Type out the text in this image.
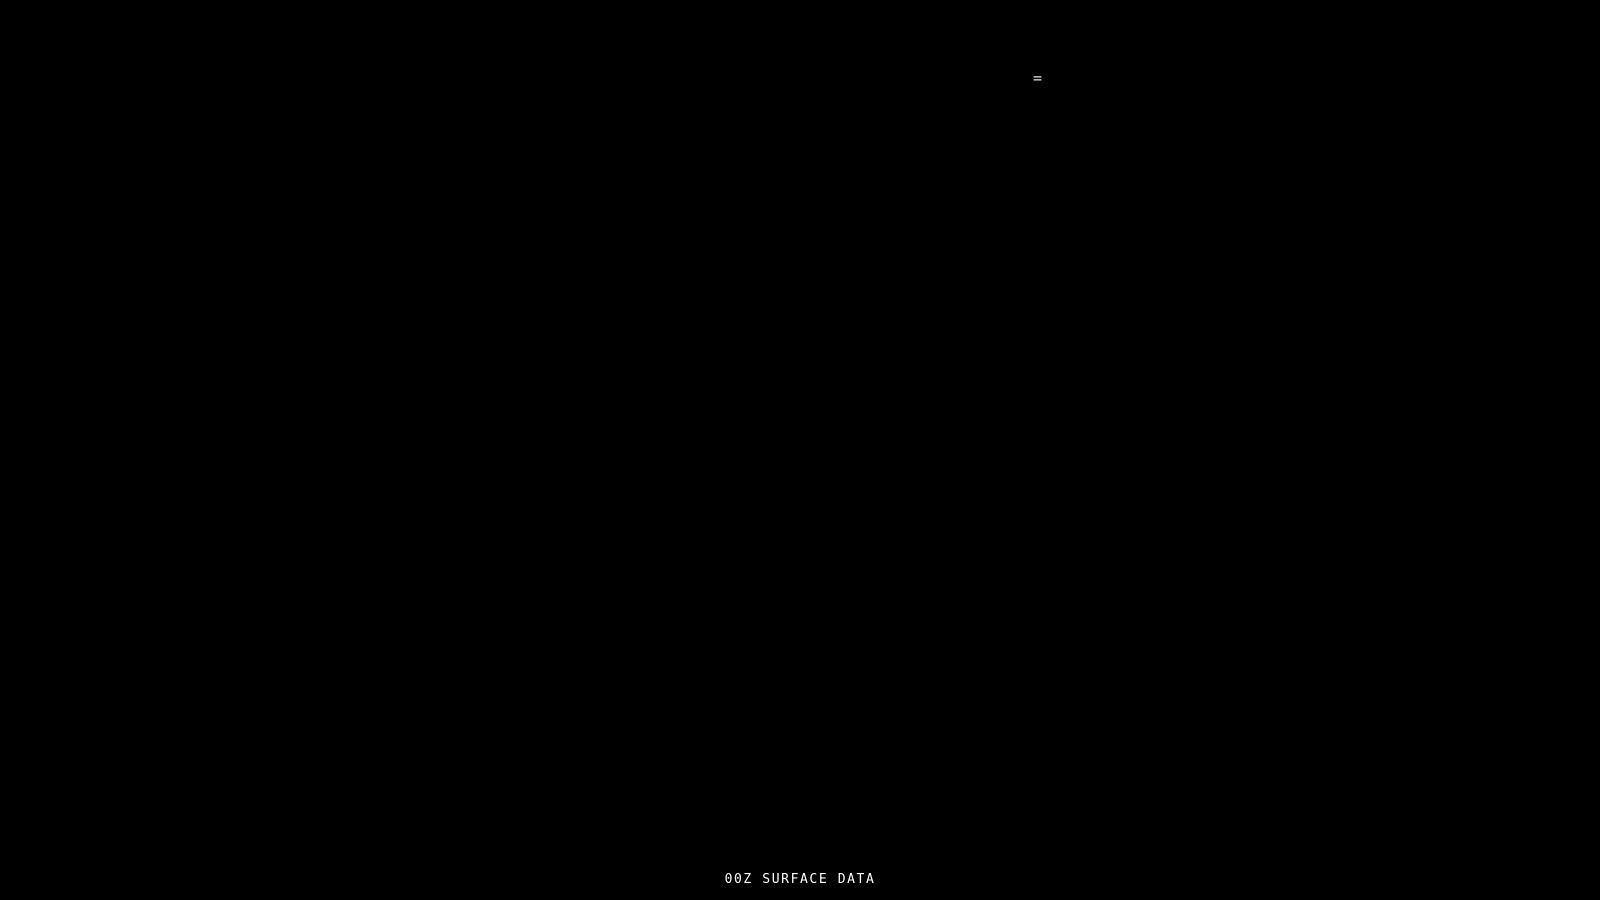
=
00Z SURFACE DATA
